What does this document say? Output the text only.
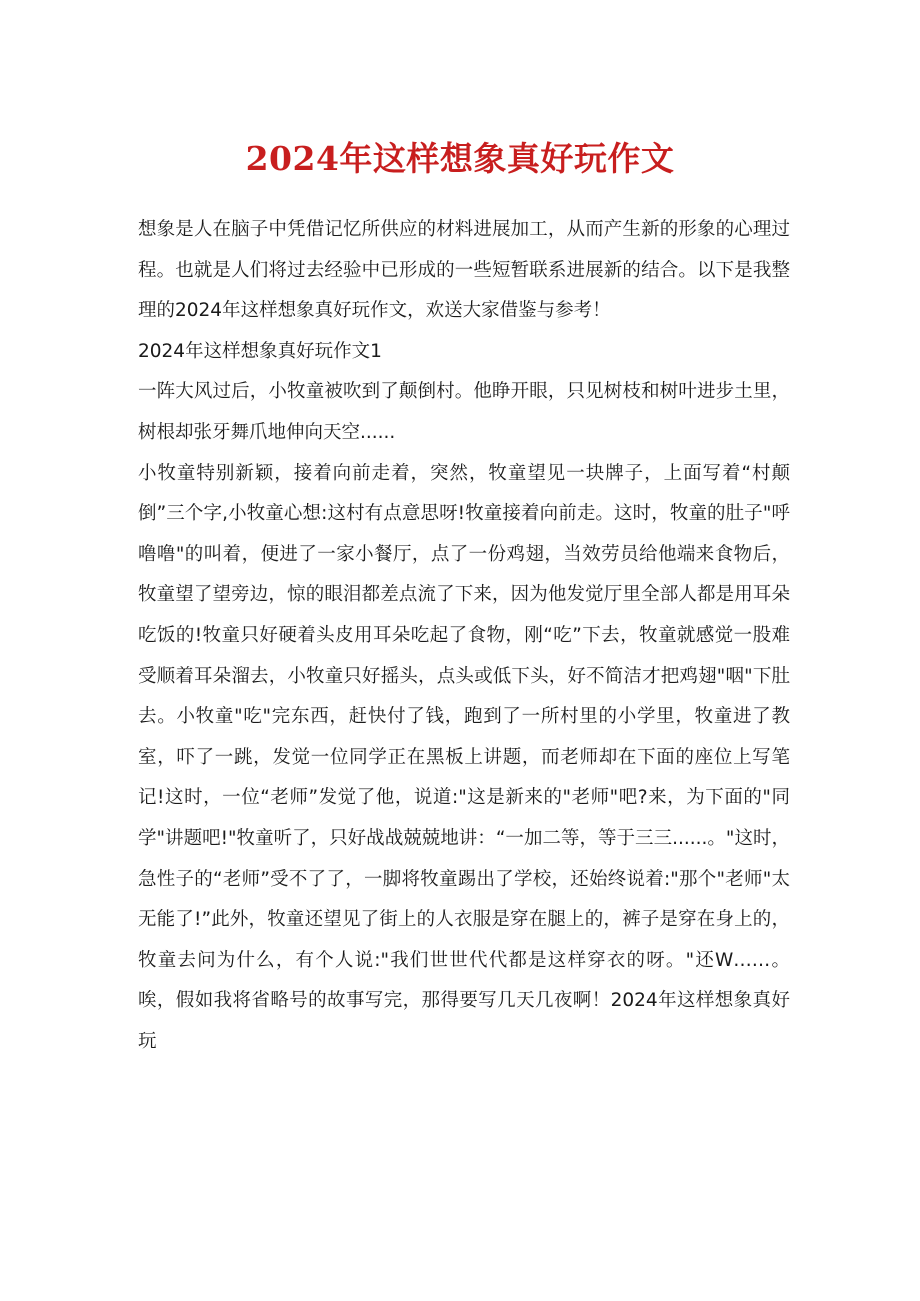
2024年这样想象真好玩作文

想象是人在脑子中凭借记忆所供应的材料进展加工，从而产生新的形象的心理过程。也就是人们将过去经验中已形成的一些短暂联系进展新的结合。以下是我整理的2024年这样想象真好玩作文，欢送大家借鉴与参考！

2024年这样想象真好玩作文1

一阵大风过后，小牧童被吹到了颠倒村。他睁开眼，只见树枝和树叶进步土里，树根却张牙舞爪地伸向天空......

小牧童特别新颖，接着向前走着，突然，牧童望见一块牌子，上面写着“村颠倒”三个字,小牧童心想:这村有点意思呀!牧童接着向前走。这时，牧童的肚子"呼噜噜"的叫着，便进了一家小餐厅，点了一份鸡翅，当效劳员给他端来食物后，牧童望了望旁边，惊的眼泪都差点流了下来，因为他发觉厅里全部人都是用耳朵吃饭的!牧童只好硬着头皮用耳朵吃起了食物，刚“吃”下去，牧童就感觉一股难受顺着耳朵溜去，小牧童只好摇头，点头或低下头，好不简洁才把鸡翅"咽"下肚去。小牧童"吃"完东西，赶快付了钱，跑到了一所村里的小学里，牧童进了教室，吓了一跳，发觉一位同学正在黑板上讲题，而老师却在下面的座位上写笔记!这时，一位“老师”发觉了他，说道:"这是新来的"老师"吧?来，为下面的"同学"讲题吧!"牧童听了，只好战战兢兢地讲：“一加二等，等于三三......。"这时，急性子的“老师”受不了了，一脚将牧童踢出了学校，还始终说着:"那个"老师"太无能了!”此外，牧童还望见了街上的人衣服是穿在腿上的，裤子是穿在身上的，牧童去问为什么，有个人说:"我们世世代代都是这样穿衣的呀。"还W……。唉，假如我将省略号的故事写完，那得要写几天几夜啊！2024年这样想象真好玩
